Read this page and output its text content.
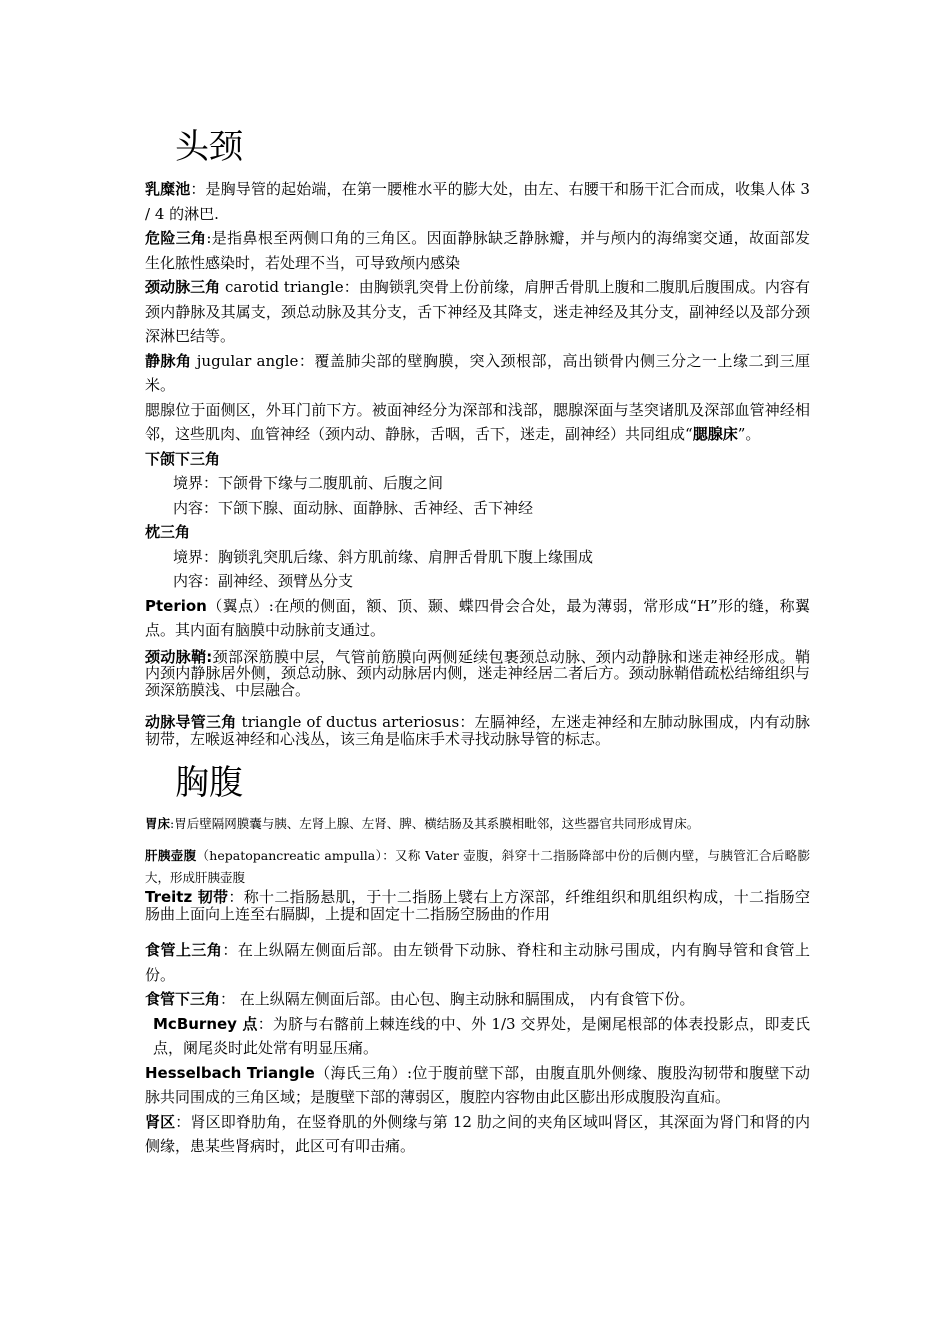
头颈

乳糜池：是胸导管的起始端，在第一腰椎水平的膨大处，由左、右腰干和肠干汇合而成，收集人体 3 / 4 的淋巴.

危险三角:是指鼻根至两侧口角的三角区。因面静脉缺乏静脉瓣，并与颅内的海绵窦交通，故面部发生化脓性感染时，若处理不当，可导致颅内感染

颈动脉三角 carotid triangle：由胸锁乳突骨上份前缘，肩胛舌骨肌上腹和二腹肌后腹围成。内容有颈内静脉及其属支，颈总动脉及其分支，舌下神经及其降支，迷走神经及其分支，副神经以及部分颈深淋巴结等。

静脉角 jugular angle：覆盖肺尖部的壁胸膜，突入颈根部，高出锁骨内侧三分之一上缘二到三厘米。

腮腺位于面侧区，外耳门前下方。被面神经分为深部和浅部，腮腺深面与茎突诸肌及深部血管神经相邻，这些肌肉、血管神经（颈内动、静脉，舌咽，舌下，迷走，副神经）共同组成“腮腺床”。

下颌下三角

境界：下颌骨下缘与二腹肌前、后腹之间

内容：下颌下腺、面动脉、面静脉、舌神经、舌下神经

枕三角

境界：胸锁乳突肌后缘、斜方肌前缘、肩胛舌骨肌下腹上缘围成

内容：副神经、颈臂丛分支

Pterion（翼点）:在颅的侧面，额、顶、颞、蝶四骨会合处，最为薄弱，常形成“H”形的缝，称翼点。其内面有脑膜中动脉前支通过。

颈动脉鞘:颈部深筋膜中层，气管前筋膜向两侧延续包裹颈总动脉、颈内动静脉和迷走神经形成。鞘内颈内静脉居外侧，颈总动脉、颈内动脉居内侧，迷走神经居二者后方。颈动脉鞘借疏松结缔组织与颈深筋膜浅、中层融合。

动脉导管三角 triangle of ductus arteriosus：左膈神经，左迷走神经和左肺动脉围成，内有动脉韧带，左喉返神经和心浅丛，该三角是临床手术寻找动脉导管的标志。

胸腹

胃床:胃后壁隔网膜囊与胰、左肾上腺、左肾、脾、横结肠及其系膜相毗邻，这些器官共同形成胃床。

肝胰壶腹（hepatopancreatic ampulla）：又称 Vater 壶腹，斜穿十二指肠降部中份的后侧内壁，与胰管汇合后略膨大，形成肝胰壶腹

Treitz 韧带：称十二指肠悬肌，于十二指肠上襞右上方深部，纤维组织和肌组织构成，十二指肠空肠曲上面向上连至右膈脚，上提和固定十二指肠空肠曲的作用

食管上三角：在上纵隔左侧面后部。由左锁骨下动脉、脊柱和主动脉弓围成，内有胸导管和食管上份。

食管下三角： 在上纵隔左侧面后部。由心包、胸主动脉和膈围成， 内有食管下份。

McBurney 点：为脐与右髂前上棘连线的中、外 1/3 交界处，是阑尾根部的体表投影点，即麦氏点，阑尾炎时此处常有明显压痛。

Hesselbach Triangle（海氏三角）:位于腹前壁下部，由腹直肌外侧缘、腹股沟韧带和腹壁下动脉共同围成的三角区域；是腹壁下部的薄弱区，腹腔内容物由此区膨出形成腹股沟直疝。

肾区：肾区即脊肋角，在竖脊肌的外侧缘与第 12 肋之间的夹角区域叫肾区，其深面为肾门和肾的内侧缘，患某些肾病时，此区可有叩击痛。
